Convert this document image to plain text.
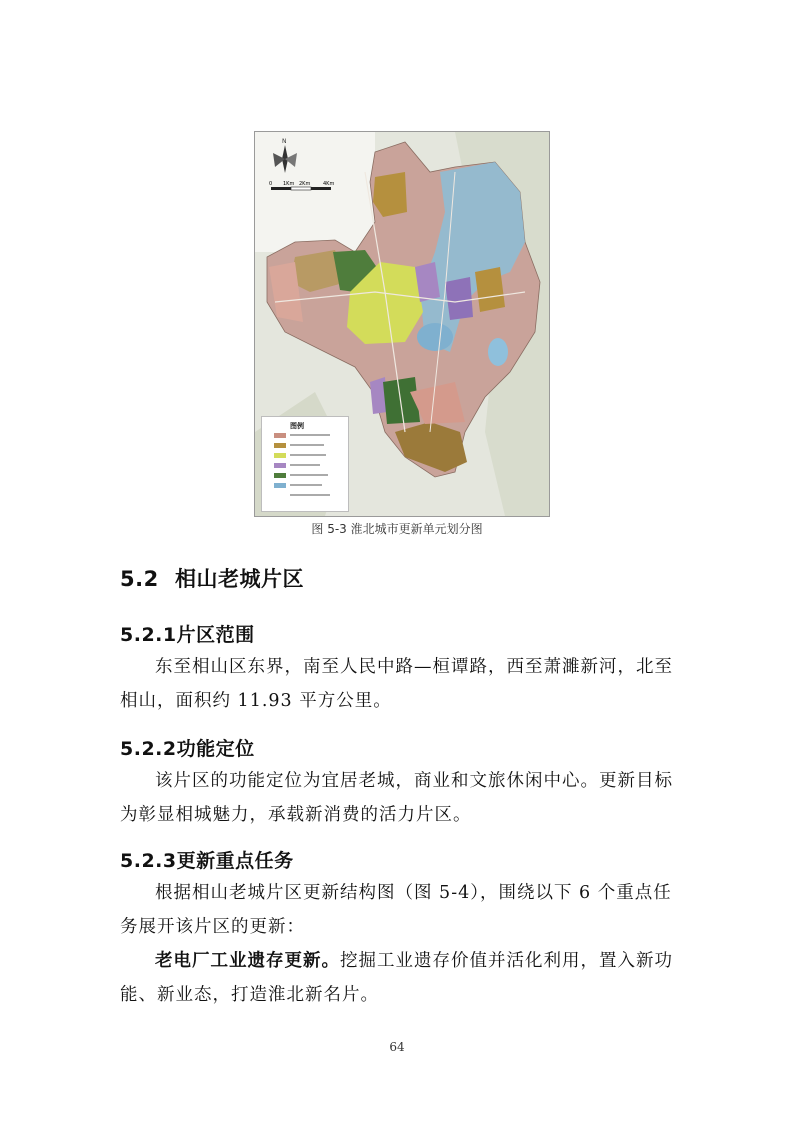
N
0 1Km 2Km	4Km
图例
图 5-3 淮北城市更新单元划分图
5.2 相山老城片区
5.2.1片区范围

东至相山区东界，南至人民中路—桓谭路，西至萧濉新河，北至相山，面积约 11.93 平方公里。

5.2.2功能定位

该片区的功能定位为宜居老城，商业和文旅休闲中心。更新目标为彰显相城魅力，承载新消费的活力片区。

5.2.3更新重点任务

根据相山老城片区更新结构图（图 5-4），围绕以下 6 个重点任务展开该片区的更新：

老电厂工业遗存更新。挖掘工业遗存价值并活化利用，置入新功能、新业态，打造淮北新名片。

64
